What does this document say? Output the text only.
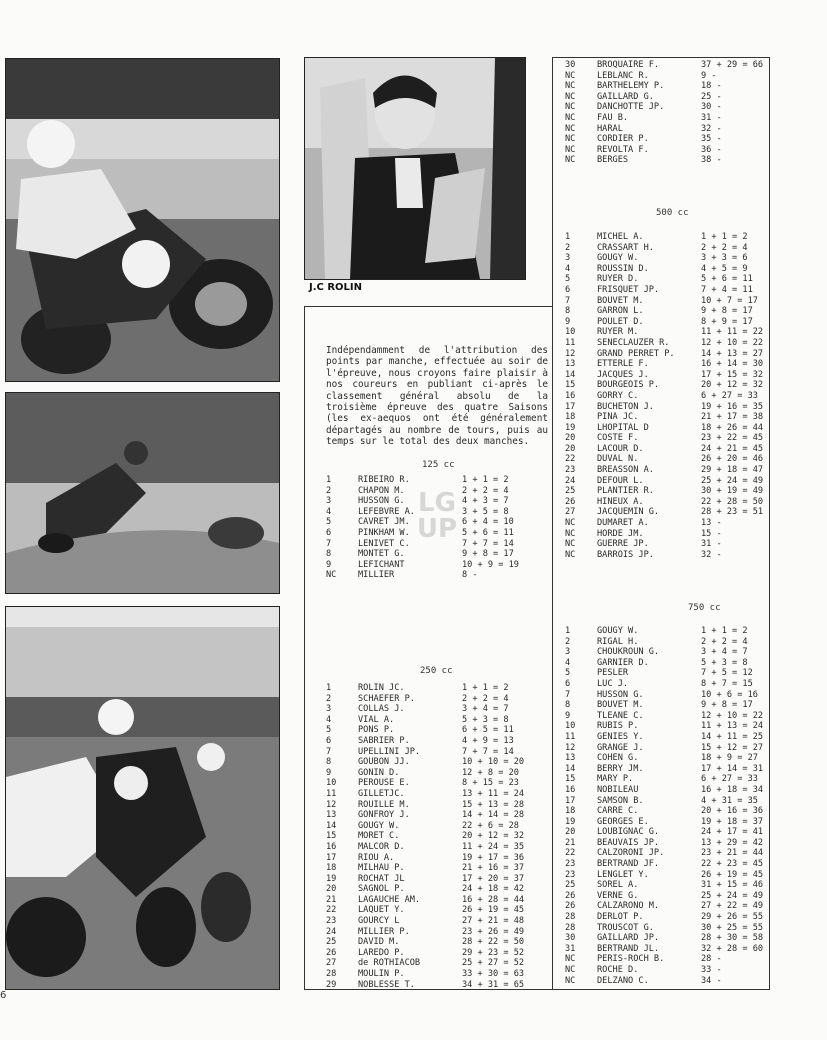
J.C ROLIN
Indépendamment de l'attribution des points par manche, effectuée au soir de l'épreuve, nous croyons faire plaisir à nos coureurs en publiant ci-après le classement général absolu de la troisième épreuve des quatre Saisons (les ex-aequos ont été généralement départagés au nombre de tours, puis au temps sur le total des deux manches.
30	BROQUAIRE F.	37 + 29 = 66
NC	LEBLANC R.	9 -
NC	BARTHELEMY P.	18 -
NC	GAILLARD G.	25 -
NC	DANCHOTTE JP.	30 -
NC	FAU B.	31 -
NC	HARAL	32 -
NC	CORDIER P.	35 -
NC	REVOLTA F.	36 -
NC	BERGES	38 -
125 cc
1	RIBEIRO R.	1 + 1 = 2
2	CHAPON M.	2 + 2 = 4
3	HUSSON G.	4 + 3 = 7
4	LEFEBVRE A.	3 + 5 = 8
5	CAVRET JM.	6 + 4 = 10
6	PINKHAM W.	5 + 6 = 11
7	LENIVET C.	7 + 7 = 14
8	MONTET G.	9 + 8 = 17
9	LEFICHANT	10 + 9 = 19
NC	MILLIER	8 -
250 cc
1	ROLIN JC.	1 + 1 = 2
2	SCHAEFER P.	2 + 2 = 4
3	COLLAS J.	3 + 4 = 7
4	VIAL A.	5 + 3 = 8
5	PONS P.	6 + 5 = 11
6	SABRIER P.	4 + 9 = 13
7	UPELLINI JP.	7 + 7 = 14
8	GOUBON JJ.	10 + 10 = 20
9	GONIN D.	12 + 8 = 20
10	PEROUSE E.	8 + 15 = 23
11	GILLETJC.	13 + 11 = 24
12	ROUILLE M.	15 + 13 = 28
13	GONFROY J.	14 + 14 = 28
14	GOUGY W.	22 + 6 = 28
15	MORET C.	20 + 12 = 32
16	MALCOR D.	11 + 24 = 35
17	RIOU A.	19 + 17 = 36
18	MILHAU P.	21 + 16 = 37
19	ROCHAT JL	17 + 20 = 37
20	SAGNOL P.	24 + 18 = 42
21	LAGAUCHE AM.	16 + 28 = 44
22	LAQUET Y.	26 + 19 = 45
23	GOURCY L	27 + 21 = 48
24	MILLIER P.	23 + 26 = 49
25	DAVID M.	28 + 22 = 50
26	LAREDO P.	29 + 23 = 52
27	de ROTHIACOB	25 + 27 = 52
28	MOULIN P.	33 + 30 = 63
29	NOBLESSE T.	34 + 31 = 65
500 cc
1	MICHEL A.	1 + 1 = 2
2	CRASSART H.	2 + 2 = 4
3	GOUGY W.	3 + 3 = 6
4	ROUSSIN D.	4 + 5 = 9
5	RUYER D.	5 + 6 = 11
6	FRISQUET JP.	7 + 4 = 11
7	BOUVET M.	10 + 7 = 17
8	GARRON L.	9 + 8 = 17
9	POULET D.	8 + 9 = 17
10	RUYER M.	11 + 11 = 22
11	SENECLAUZER R.	12 + 10 = 22
12	GRAND PERRET P.	14 + 13 = 27
13	ETTERLE F.	16 + 14 = 30
14	JACQUES J.	17 + 15 = 32
15	BOURGEOIS P.	20 + 12 = 32
16	GORRY C.	6 + 27 = 33
17	BUCHETON J.	19 + 16 = 35
18	PINA JC.	21 + 17 = 38
19	LHOPITAL D	18 + 26 = 44
20	COSTE F.	23 + 22 = 45
20	LACOUR D.	24 + 21 = 45
22	DUVAL N.	26 + 20 = 46
23	BREASSON A.	29 + 18 = 47
24	DEFOUR L.	25 + 24 = 49
25	PLANTIER R.	30 + 19 = 49
26	HINEUX A.	22 + 28 = 50
27	JACQUEMIN G.	28 + 23 = 51
NC	DUMARET A.	13 -
NC	HORDE JM.	15 -
NC	GUERRE JP.	31 -
NC	BARROIS JP.	32 -
750 cc
1	GOUGY W.	1 + 1 = 2
2	RIGAL H.	2 + 2 = 4
3	CHOUKROUN G.	3 + 4 = 7
4	GARNIER D.	5 + 3 = 8
5	PESLER	7 + 5 = 12
6	LUC J.	8 + 7 = 15
7	HUSSON G.	10 + 6 = 16
8	BOUVET M.	9 + 8 = 17
9	TLEANE C.	12 + 10 = 22
10	RUBIS P.	11 + 13 = 24
11	GENIES Y.	14 + 11 = 25
12	GRANGE J.	15 + 12 = 27
13	COHEN G.	18 + 9 = 27
14	BERRY JM.	17 + 14 = 31
15	MARY P.	6 + 27 = 33
16	NOBILEAU	16 + 18 = 34
17	SAMSON B.	4 + 31 = 35
18	CARRE C.	20 + 16 = 36
19	GEORGES E.	19 + 18 = 37
20	LOUBIGNAC G.	24 + 17 = 41
21	BEAUVAIS JP.	13 + 29 = 42
22	CALZORONI JP.	23 + 21 = 44
23	BERTRAND JF.	22 + 23 = 45
23	LENGLET Y.	26 + 19 = 45
25	SOREL A.	31 + 15 = 46
26	VERNE G.	25 + 24 = 49
26	CALZARONO M.	27 + 22 = 49
28	DERLOT P.	29 + 26 = 55
28	TROUSCOT G.	30 + 25 = 55
30	GAILLARD JP.	28 + 30 = 58
31	BERTRAND JL.	32 + 28 = 60
NC	PERIS-ROCH B.	28 -
NC	ROCHE D.	33 -
NC	DELZANO C.	34 -
LG UP
6
